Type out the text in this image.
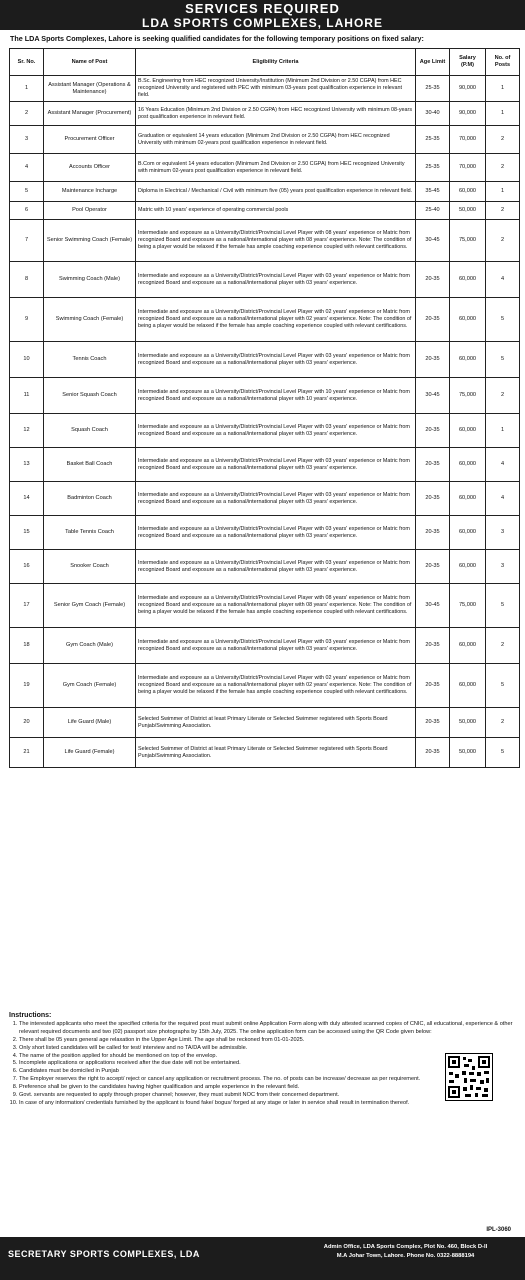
SERVICES REQUIRED
LDA SPORTS COMPLEXES, LAHORE
The LDA Sports Complexes, Lahore is seeking qualified candidates for the following temporary positions on fixed salary:
Sr. No.	Name of Post	Eligibility Criteria	Age Limit	Salary (P.M)	No. of Posts
1	Assistant Manager (Operations & Maintenance)	B.Sc. Engineering from HEC recognized University/Institution (Minimum 2nd Division or 2.50 CGPA) from HEC recognized University and registered with PEC with minimum 03-years post qualification experience in relevant field.	25-35	90,000	1
2	Assistant Manager (Procurement)	16 Years Education (Minimum 2nd Division or 2.50 CGPA) from HEC recognized University with minimum 08-years post qualification experience in relevant field.	30-40	90,000	1
3	Procurement Officer	Graduation or equivalent 14 years education (Minimum 2nd Division or 2.50 CGPA) from HEC recognized University with minimum 02-years post qualification experience in relevant field.	25-35	70,000	2
4	Accounts Officer	B.Com or equivalent 14 years education (Minimum 2nd Division or 2.50 CGPA) from HEC recognized University with minimum 02-years post qualification experience in relevant field.	25-35	70,000	2
5	Maintenance Incharge	Diploma in Electrical / Mechanical / Civil with minimum five (05) years post qualification experience in relevant field.	35-45	60,000	1
6	Pool Operator	Matric with 10 years' experience of operating commercial pools	25-40	50,000	2
7	Senior Swimming Coach (Female)	Intermediate and exposure as a University/District/Provincial Level Player with 08 years' experience or Matric from recognized Board and exposure as a national/international player with 08 years' experience. Note: The condition of being a player would be relaxed if the female has ample coaching experience coupled with relevant certifications.	30-45	75,000	2
8	Swimming Coach (Male)	Intermediate and exposure as a University/District/Provincial Level Player with 03 years' experience or Matric from recognized Board and exposure as a national/international player with 03 years' experience.	20-35	60,000	4
9	Swimming Coach (Female)	Intermediate and exposure as a University/District/Provincial Level Player with 02 years' experience or Matric from recognized Board and exposure as a national/international player with 02 years' experience. Note: The condition of being a player would be relaxed if the female has ample coaching experience coupled with relevant certifications.	20-35	60,000	5
10	Tennis Coach	Intermediate and exposure as a University/District/Provincial Level Player with 03 years' experience or Matric from recognized Board and exposure as a national/international player with 03 years' experience.	20-35	60,000	5
11	Senior Squash Coach	Intermediate and exposure as a University/District/Provincial Level Player with 10 years' experience or Matric from recognized Board and exposure as a national/international player with 10 years' experience.	30-45	75,000	2
12	Squash Coach	Intermediate and exposure as a University/District/Provincial Level Player with 03 years' experience or Matric from recognized Board and exposure as a national/international player with 03 years' experience.	20-35	60,000	1
13	Basket Ball Coach	Intermediate and exposure as a University/District/Provincial Level Player with 03 years' experience or Matric from recognized Board and exposure as a national/international player with 03 years' experience.	20-35	60,000	4
14	Badminton Coach	Intermediate and exposure as a University/District/Provincial Level Player with 03 years' experience or Matric from recognized Board and exposure as a national/international player with 03 years' experience.	20-35	60,000	4
15	Table Tennis Coach	Intermediate and exposure as a University/District/Provincial Level Player with 03 years' experience or Matric from recognized Board and exposure as a national/international player with 03 years' experience.	20-35	60,000	3
16	Snooker Coach	Intermediate and exposure as a University/District/Provincial Level Player with 03 years' experience or Matric from recognized Board and exposure as a national/international player with 03 years' experience.	20-35	60,000	3
17	Senior Gym Coach (Female)	Intermediate and exposure as a University/District/Provincial Level Player with 08 years' experience or Matric from recognized Board and exposure as a national/international player with 08 years' experience. Note: The condition of being a player would be relaxed if the female has ample coaching experience coupled with relevant certifications.	30-45	75,000	5
18	Gym Coach (Male)	Intermediate and exposure as a University/District/Provincial Level Player with 03 years' experience or Matric from recognized Board and exposure as a national/international player with 03 years' experience.	20-35	60,000	2
19	Gym Coach (Female)	Intermediate and exposure as a University/District/Provincial Level Player with 02 years' experience or Matric from recognized Board and exposure as a national/international player with 02 years' experience. Note: The condition of being a player would be relaxed if the female has ample coaching experience coupled with relevant certifications.	20-35	60,000	5
20	Life Guard (Male)	Selected Swimmer of District at least Primary Literate or Selected Swimmer registered with Sports Board Punjab/Swimming Association.	20-35	50,000	2
21	Life Guard (Female)	Selected Swimmer of District at least Primary Literate or Selected Swimmer registered with Sports Board Punjab/Swimming Association.	20-35	50,000	5
Instructions:
1. The interested applicants who meet the specified criteria for the required post must submit online Application Form along with duly attested scanned copies of CNIC, all educational, experience & other relevant required documents and two (02) passport size photographs by 15th July, 2025. The online application form can be accessed using the QR Code given below:
2. There shall be 05 years general age relaxation in the Upper Age Limit. The age shall be reckoned from 01-01-2025.
3. Only short listed candidates will be called for test/ interview and no TA/DA will be admissible.
4. The name of the position applied for should be mentioned on top of the envelop.
5. Incomplete applications or applications received after the due date will not be entertained.
6. Candidates must be domiciled in Punjab
7. The Employer reserves the right to accept/ reject or cancel any application or recruitment process. The no. of posts can be increase/ decrease as per requirement.
8. Preference shall be given to the candidates having higher qualification and ample experience in the relevant field.
9. Govt. servants are requested to apply through proper channel; however, they must submit NOC from their concerned department.
10. In case of any information/ credentials furnished by the applicant is found fake/ bogus/ forged at any stage or later in service shall result in termination thereof.
IPL-3060
SECRETARY SPORTS COMPLEXES, LDA
Admin Office, LDA Sports Complex, Plot No. 460, Block D-II
M.A Johar Town, Lahore. Phone No. 0322-8888194
